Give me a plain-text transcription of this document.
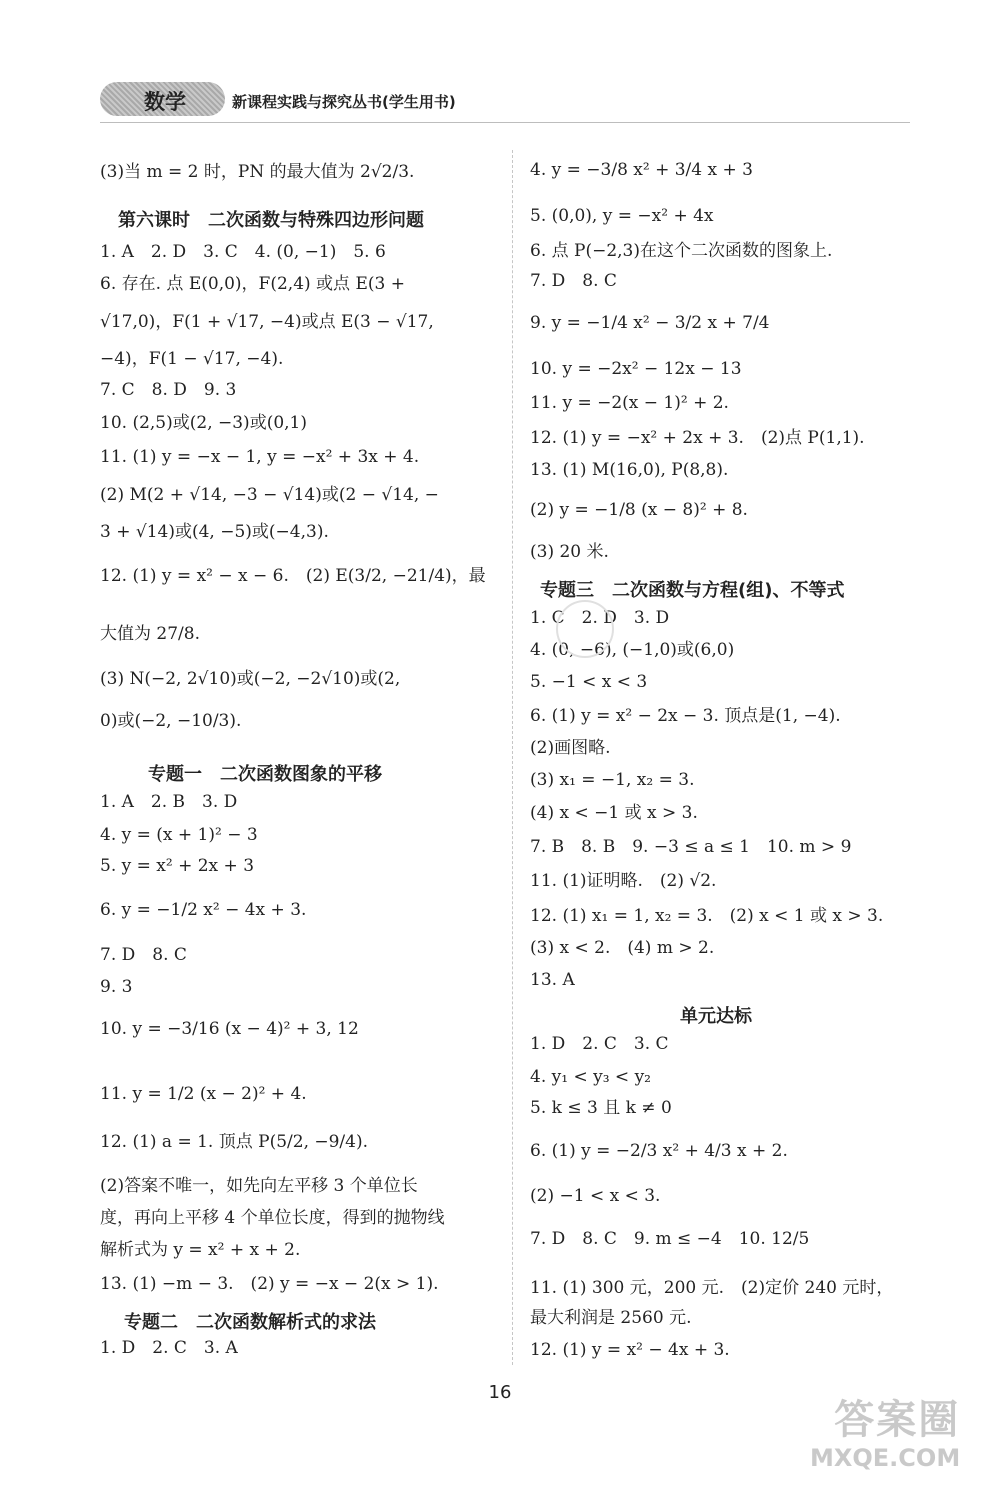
数学	新课程实践与探究丛书(学生用书)
(3)当 m = 2 时，PN 的最大值为 2√2/3.
第六课时　二次函数与特殊四边形问题
1. A　2. D　3. C　4. (0, −1)　5. 6
6. 存在. 点 E(0,0)，F(2,4) 或点 E(3 +
√17,0)，F(1 + √17, −4)或点 E(3 − √17,
−4)，F(1 − √17, −4).
7. C　8. D　9. 3
10. (2,5)或(2, −3)或(0,1)
11. (1) y = −x − 1, y = −x² + 3x + 4.
(2) M(2 + √14, −3 − √14)或(2 − √14, −
3 + √14)或(4, −5)或(−4,3).
12. (1) y = x² − x − 6.　(2) E(3/2, −21/4)，最
大值为 27/8.
(3) N(−2, 2√10)或(−2, −2√10)或(2,
0)或(−2, −10/3).
专题一　二次函数图象的平移
1. A　2. B　3. D
4. y = (x + 1)² − 3
5. y = x² + 2x + 3
6. y = −1/2 x² − 4x + 3.
7. D　8. C
9. 3
10. y = −3/16 (x − 4)² + 3, 12
11. y = 1/2 (x − 2)² + 4.
12. (1) a = 1. 顶点 P(5/2, −9/4).
(2)答案不唯一，如先向左平移 3 个单位长
度，再向上平移 4 个单位长度，得到的抛物线
解析式为 y = x² + x + 2.
13. (1) −m − 3.　(2) y = −x − 2(x > 1).
专题二　二次函数解析式的求法
1. D　2. C　3. A
4. y = −3/8 x² + 3/4 x + 3
5. (0,0), y = −x² + 4x
6. 点 P(−2,3)在这个二次函数的图象上.
7. D　8. C
9. y = −1/4 x² − 3/2 x + 7/4
10. y = −2x² − 12x − 13
11. y = −2(x − 1)² + 2.
12. (1) y = −x² + 2x + 3.　(2)点 P(1,1).
13. (1) M(16,0), P(8,8).
(2) y = −1/8 (x − 8)² + 8.
(3) 20 米.
专题三　二次函数与方程(组)、不等式
1. C　2. D　3. D
4. (0, −6), (−1,0)或(6,0)
5. −1 < x < 3
6. (1) y = x² − 2x − 3. 顶点是(1, −4).
(2)画图略.
(3) x₁ = −1, x₂ = 3.
(4) x < −1 或 x > 3.
7. B　8. B　9. −3 ≤ a ≤ 1　10. m > 9
11. (1)证明略.　(2) √2.
12. (1) x₁ = 1, x₂ = 3.　(2) x < 1 或 x > 3.
(3) x < 2.　(4) m > 2.
13. A
单元达标
1. D　2. C　3. C
4. y₁ < y₃ < y₂
5. k ≤ 3 且 k ≠ 0
6. (1) y = −2/3 x² + 4/3 x + 2.
(2) −1 < x < 3.
7. D　8. C　9. m ≤ −4　10. 12/5
11. (1) 300 元，200 元.　(2)定价 240 元时，
最大利润是 2560 元.
12. (1) y = x² − 4x + 3.
16
答案圈
MXQE.COM
